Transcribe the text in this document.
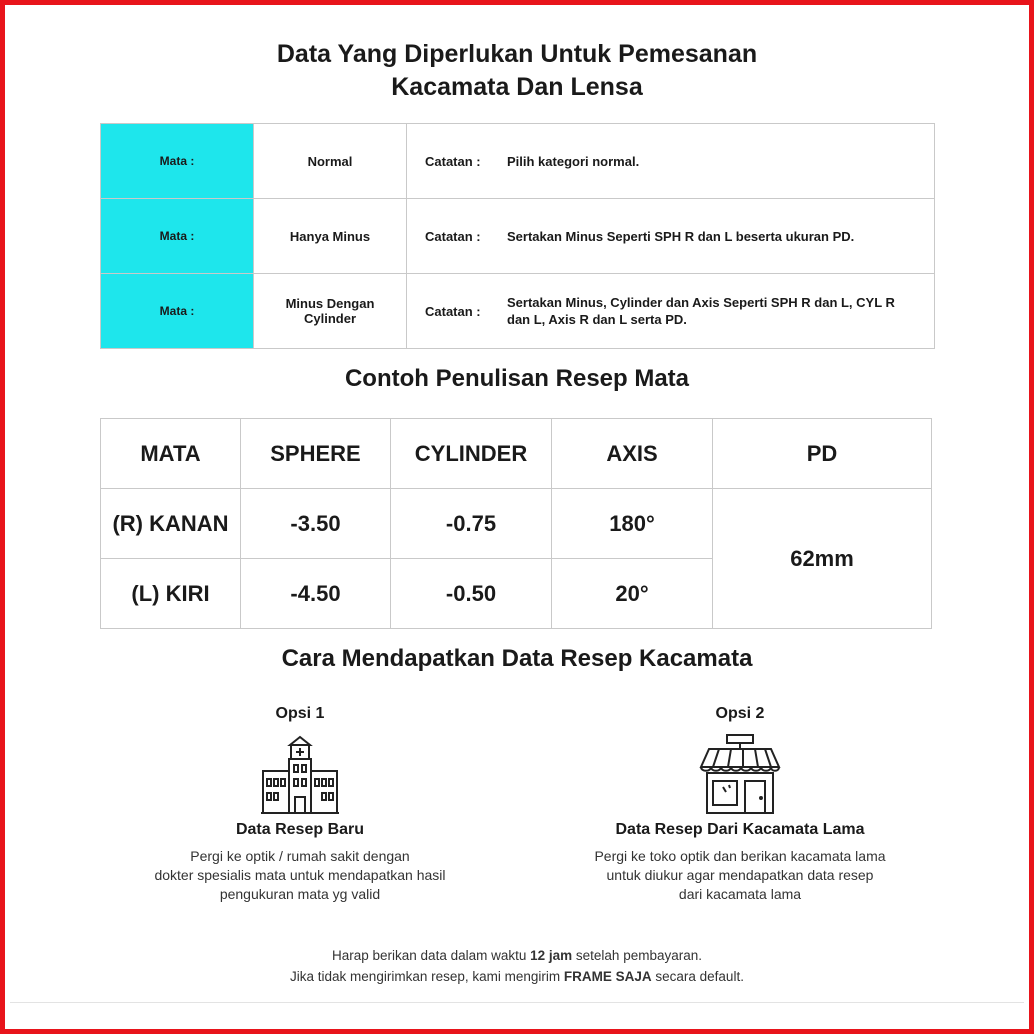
Data Yang Diperlukan Untuk Pemesanan
Kacamata Dan Lensa
Mata :	Normal	Catatan : Pilih kategori normal.

Mata :	Hanya Minus	Catatan : Sertakan Minus Seperti SPH R dan L beserta ukuran PD.

Mata :	Minus Dengan Cylinder	Catatan :
Sertakan Minus, Cylinder dan Axis Seperti SPH R dan L, CYL R dan L, Axis R dan L serta PD.
Contoh Penulisan Resep Mata
MATA	SPHERE	CYLINDER	AXIS	PD
(R) KANAN	-3.50	-0.75	180°	62mm
(L) KIRI	-4.50	-0.50	20°	
Cara Mendapatkan Data Resep Kacamata
Opsi 1
Data Resep Baru
Pergi ke optik / rumah sakit dengan
dokter spesialis mata untuk mendapatkan hasil
pengukuran mata yg valid
Opsi 2
Data Resep Dari Kacamata Lama
Pergi ke toko optik dan berikan kacamata lama
untuk diukur agar mendapatkan data resep
dari kacamata lama
Harap berikan data dalam waktu 12 jam setelah pembayaran.
Jika tidak mengirimkan resep, kami mengirim FRAME SAJA secara default.
